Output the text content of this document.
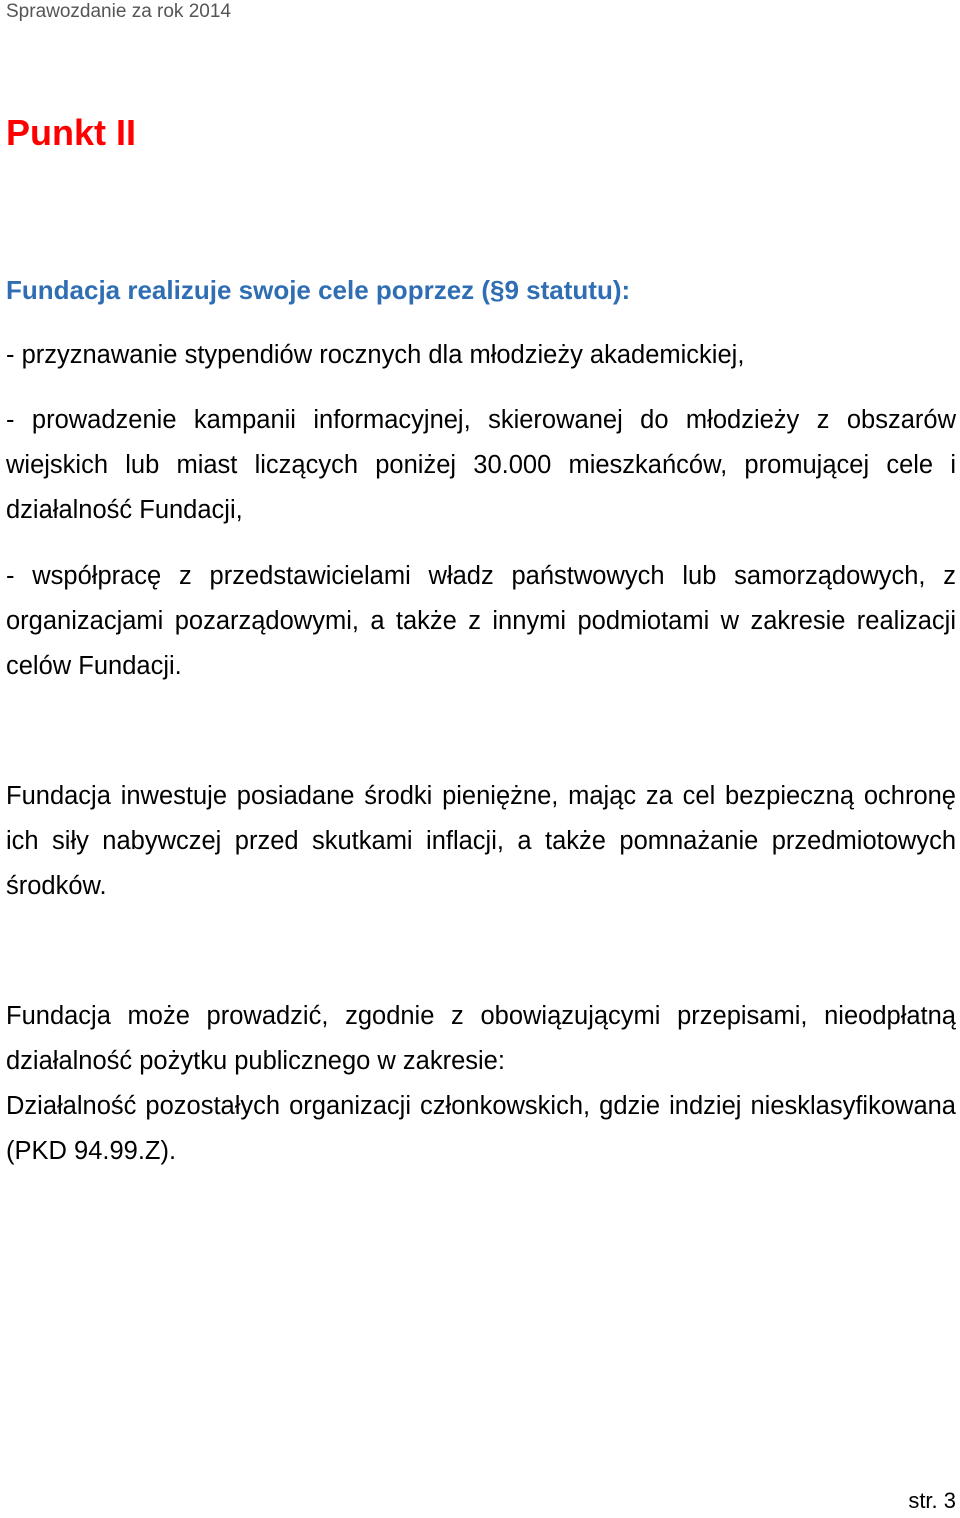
Sprawozdanie za rok 2014
Punkt II
Fundacja realizuje swoje cele poprzez (§9 statutu):

- przyznawanie stypendiów rocznych dla młodzieży akademickiej,

- prowadzenie kampanii informacyjnej, skierowanej do młodzieży z obszarów wiejskich lub miast liczących poniżej 30.000 mieszkańców, promującej cele i działalność Fundacji,

- współpracę z przedstawicielami władz państwowych lub samorządowych, z organizacjami pozarządowymi, a także z innymi podmiotami w zakresie realizacji celów Fundacji.

Fundacja inwestuje posiadane środki pieniężne, mając za cel bezpieczną ochronę ich siły nabywczej przed skutkami inflacji, a także pomnażanie przedmiotowych środków.

Fundacja może prowadzić, zgodnie z obowiązującymi przepisami, nieodpłatną działalność pożytku publicznego w zakresie:

Działalność pozostałych organizacji członkowskich, gdzie indziej niesklasyfikowana (PKD 94.99.Z).

str. 3
